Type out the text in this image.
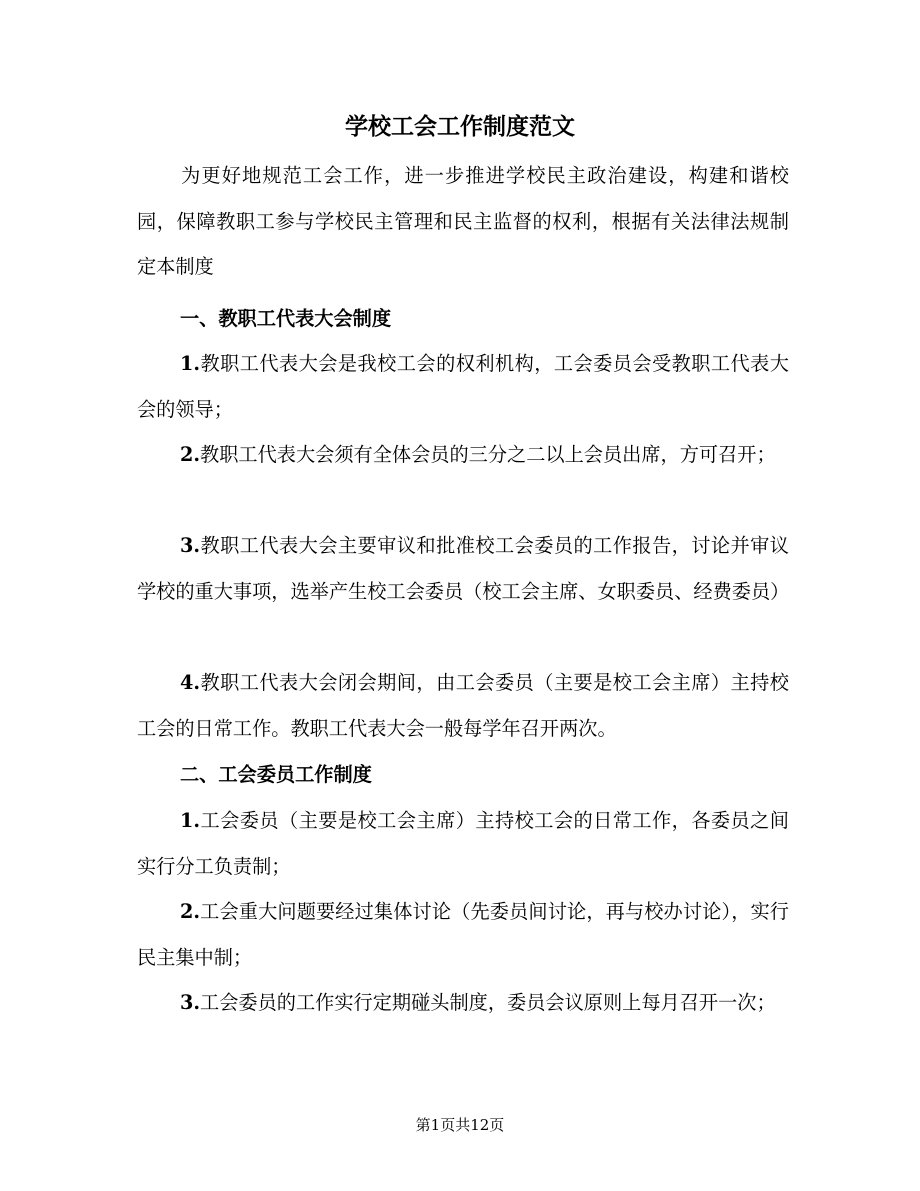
学校工会工作制度范文
为更好地规范工会工作，进一步推进学校民主政治建设，构建和谐校园，保障教职工参与学校民主管理和民主监督的权利，根据有关法律法规制定本制度
一、教职工代表大会制度
1.教职工代表大会是我校工会的权利机构，工会委员会受教职工代表大会的领导；
2.教职工代表大会须有全体会员的三分之二以上会员出席，方可召开；
3.教职工代表大会主要审议和批准校工会委员的工作报告，讨论并审议学校的重大事项，选举产生校工会委员（校工会主席、女职委员、经费委员）
4.教职工代表大会闭会期间，由工会委员（主要是校工会主席）主持校工会的日常工作。教职工代表大会一般每学年召开两次。
二、工会委员工作制度
1.工会委员（主要是校工会主席）主持校工会的日常工作，各委员之间实行分工负责制；
2.工会重大问题要经过集体讨论（先委员间讨论，再与校办讨论），实行民主集中制；
3.工会委员的工作实行定期碰头制度，委员会议原则上每月召开一次；
第1页共12页
